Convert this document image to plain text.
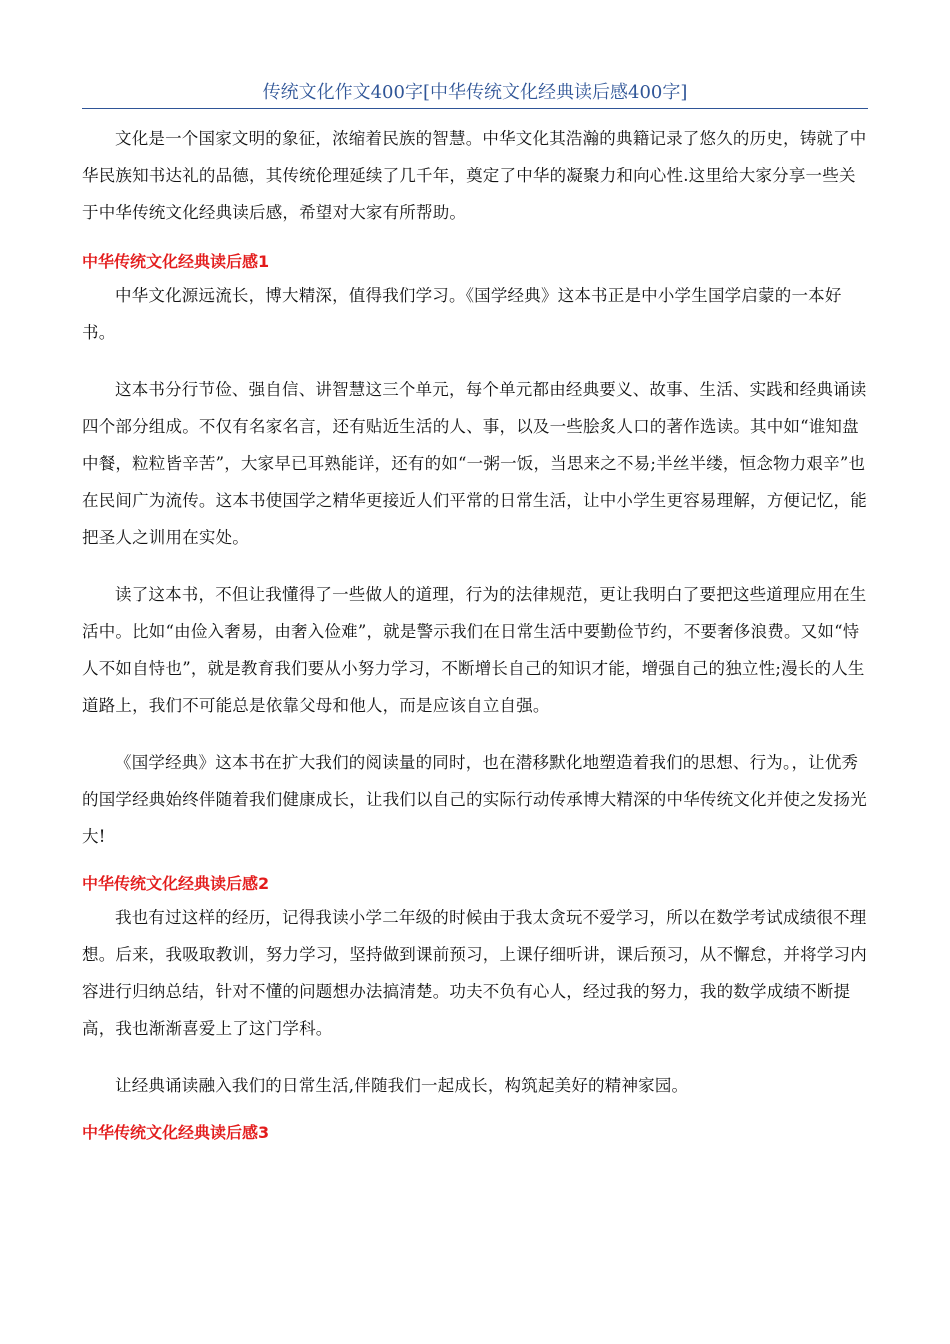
传统文化作文400字[中华传统文化经典读后感400字]

文化是一个国家文明的象征，浓缩着民族的智慧。中华文化其浩瀚的典籍记录了悠久的历史，铸就了中华民族知书达礼的品德，其传统伦理延续了几千年，奠定了中华的凝聚力和向心性.这里给大家分享一些关于中华传统文化经典读后感，希望对大家有所帮助。

中华传统文化经典读后感1

中华文化源远流长，博大精深，值得我们学习。《国学经典》这本书正是中小学生国学启蒙的一本好书。

这本书分行节俭、强自信、讲智慧这三个单元，每个单元都由经典要义、故事、生活、实践和经典诵读四个部分组成。不仅有名家名言，还有贴近生活的人、事，以及一些脍炙人口的著作选读。其中如“谁知盘中餐，粒粒皆辛苦”，大家早已耳熟能详，还有的如“一粥一饭，当思来之不易;半丝半缕，恒念物力艰辛”也在民间广为流传。这本书使国学之精华更接近人们平常的日常生活，让中小学生更容易理解，方便记忆，能把圣人之训用在实处。

读了这本书，不但让我懂得了一些做人的道理，行为的法律规范，更让我明白了要把这些道理应用在生活中。比如“由俭入奢易，由奢入俭难”，就是警示我们在日常生活中要勤俭节约，不要奢侈浪费。又如“恃人不如自恃也”，就是教育我们要从小努力学习，不断增长自己的知识才能，增强自己的独立性;漫长的人生道路上，我们不可能总是依靠父母和他人，而是应该自立自强。

《国学经典》这本书在扩大我们的阅读量的同时，也在潜移默化地塑造着我们的思想、行为。，让优秀的国学经典始终伴随着我们健康成长，让我们以自己的实际行动传承博大精深的中华传统文化并使之发扬光大!

中华传统文化经典读后感2

我也有过这样的经历，记得我读小学二年级的时候由于我太贪玩不爱学习，所以在数学考试成绩很不理想。后来，我吸取教训，努力学习，坚持做到课前预习，上课仔细听讲，课后预习，从不懈怠，并将学习内容进行归纳总结，针对不懂的问题想办法搞清楚。功夫不负有心人，经过我的努力，我的数学成绩不断提高，我也渐渐喜爱上了这门学科。

让经典诵读融入我们的日常生活,伴随我们一起成长，构筑起美好的精神家园。

中华传统文化经典读后感3
